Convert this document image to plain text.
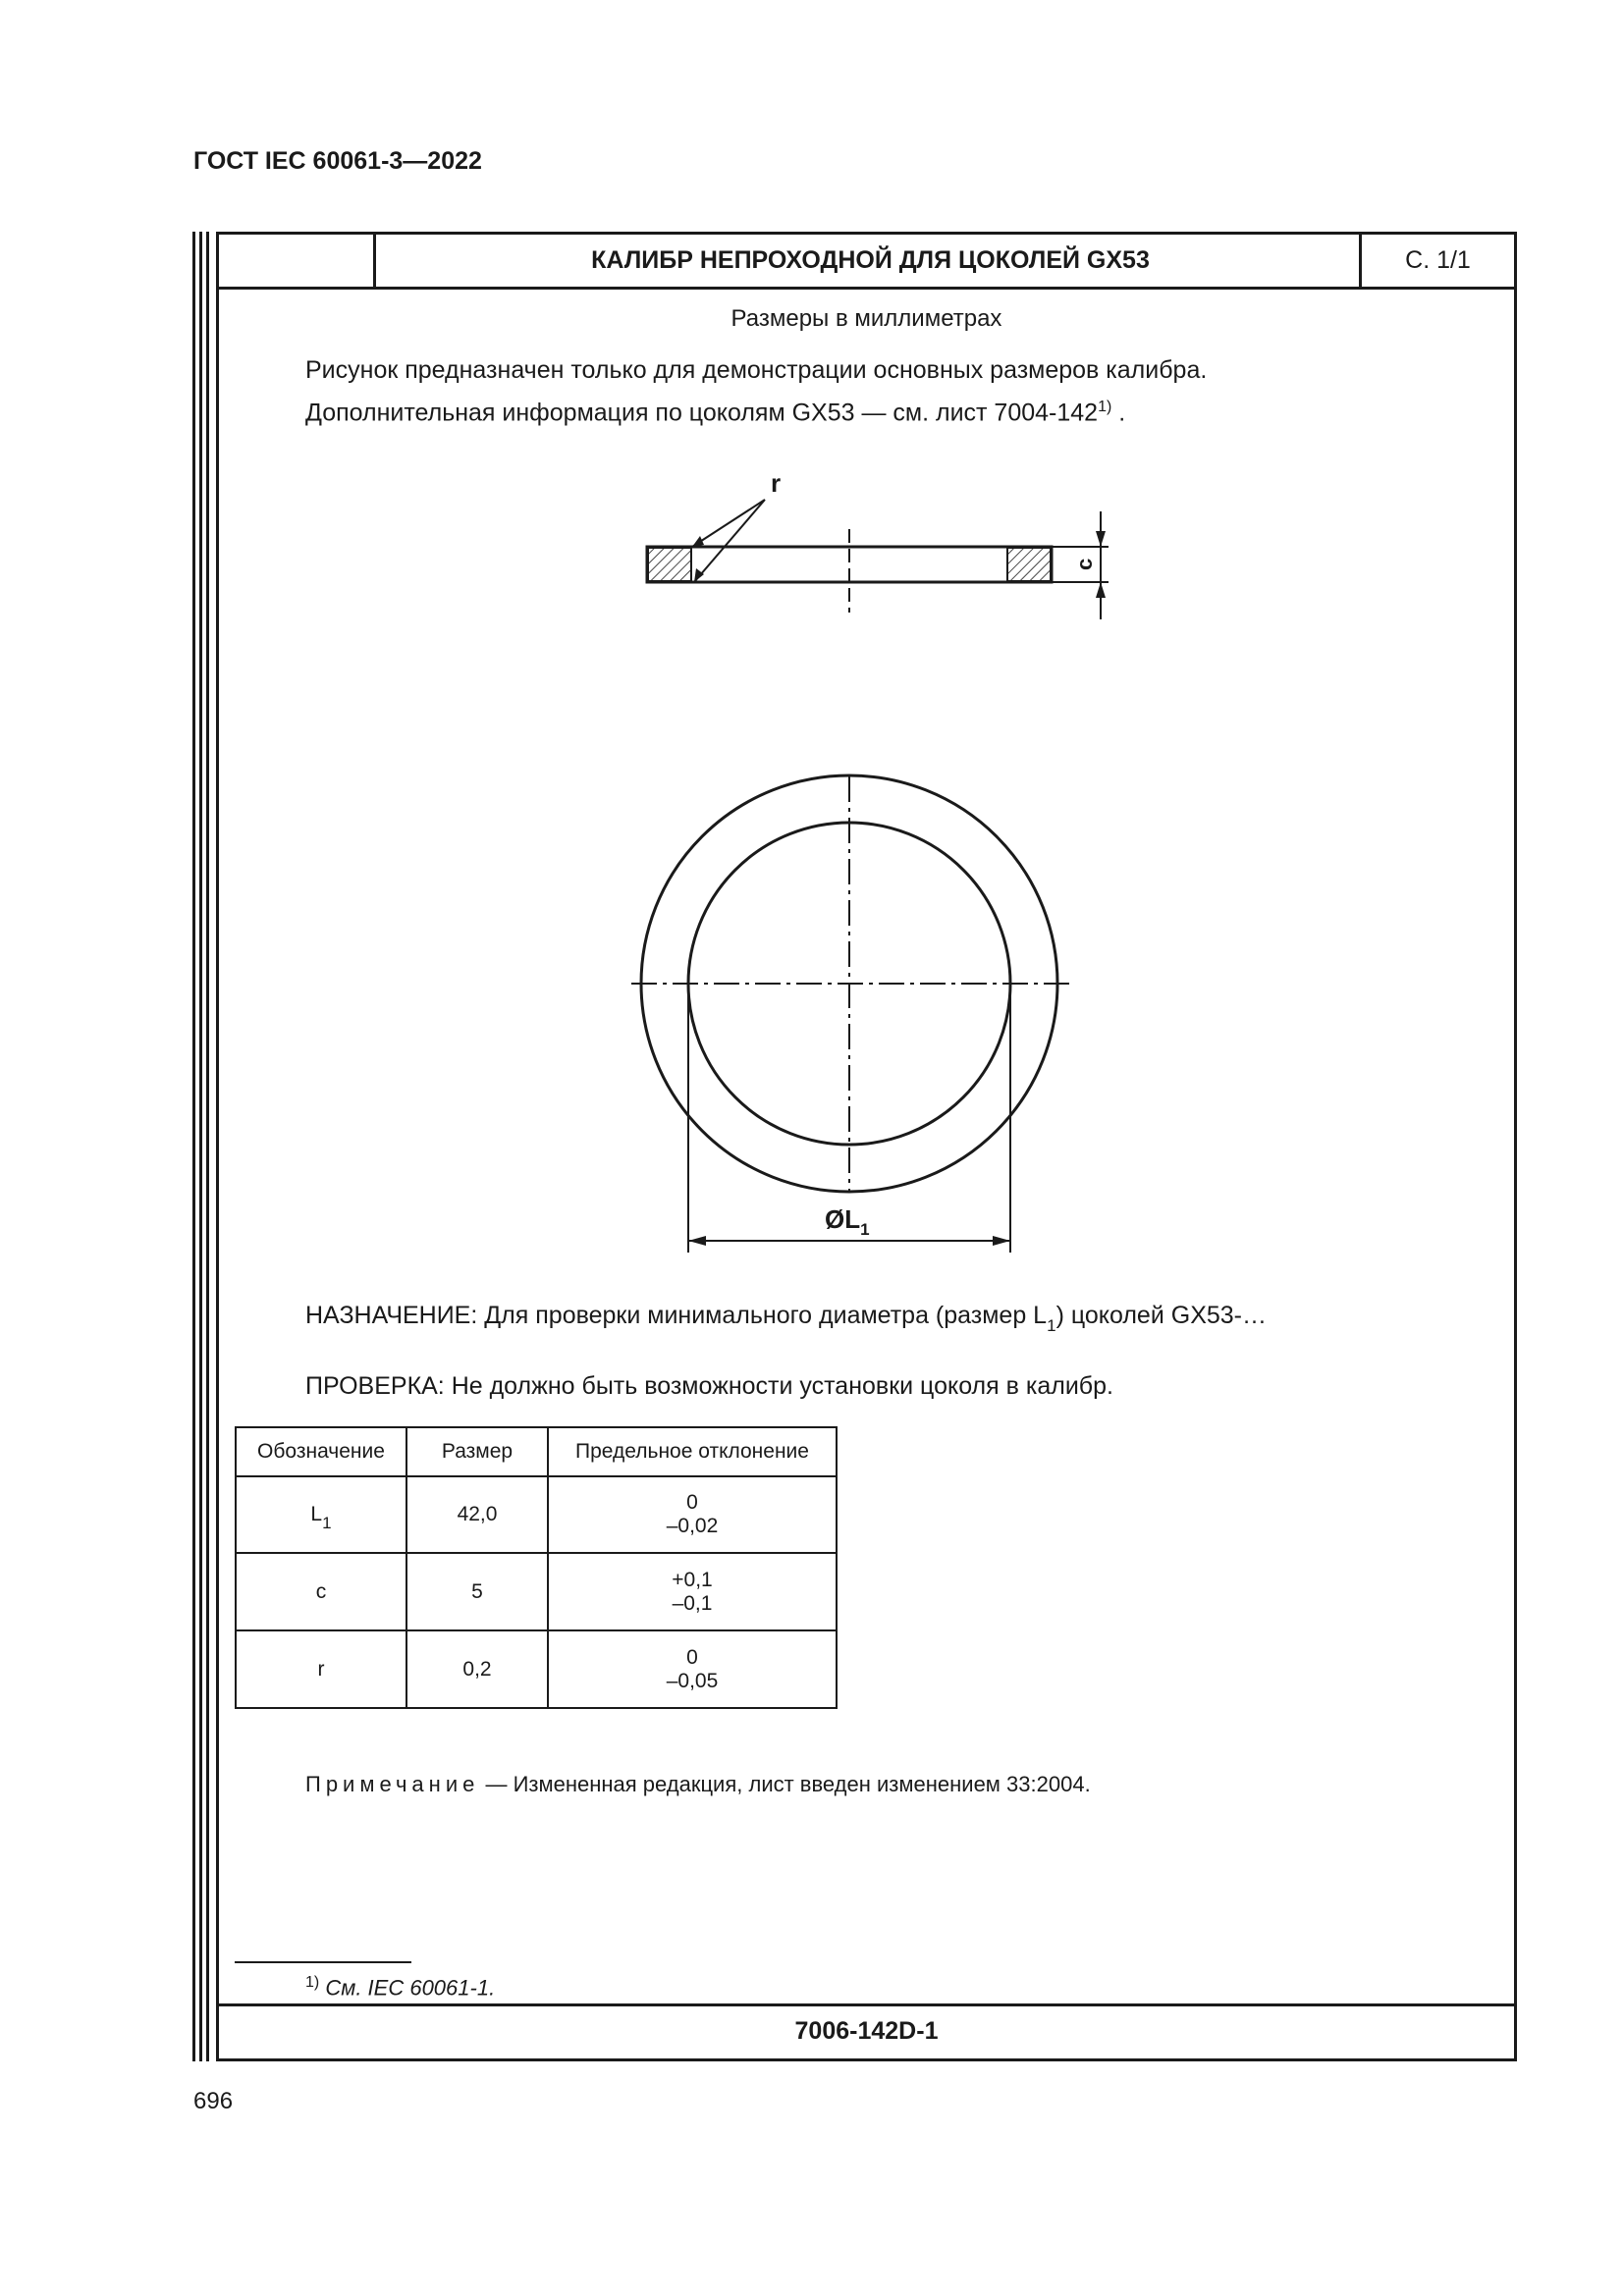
ГОСТ IEC 60061-3—2022
КАЛИБР НЕПРОХОДНОЙ ДЛЯ ЦОКОЛЕЙ GX53	С. 1/1
Размеры в миллиметрах
Рисунок предназначен только для демонстрации основных размеров калибра.
Дополнительная информация по цоколям GX53 — см. лист 7004-142$^{1)}$ .
r
c
$ØL_1$
НАЗНАЧЕНИЕ: Для проверки минимального диаметра (размер $L_1$) цоколей GX53-…
ПРОВЕРКА: Не должно быть возможности установки цоколя в калибр.
Обозначение	Размер	Предельное отклонение
$L_1$	42,0	0
–0,02

c	5	+0,1
–0,1

r	0,2	0
–0,05
Примечание — Измененная редакция, лист введен изменением 33:2004.
$^{1)}$ См. IEC 60061-1.
7006-142D-1
696
